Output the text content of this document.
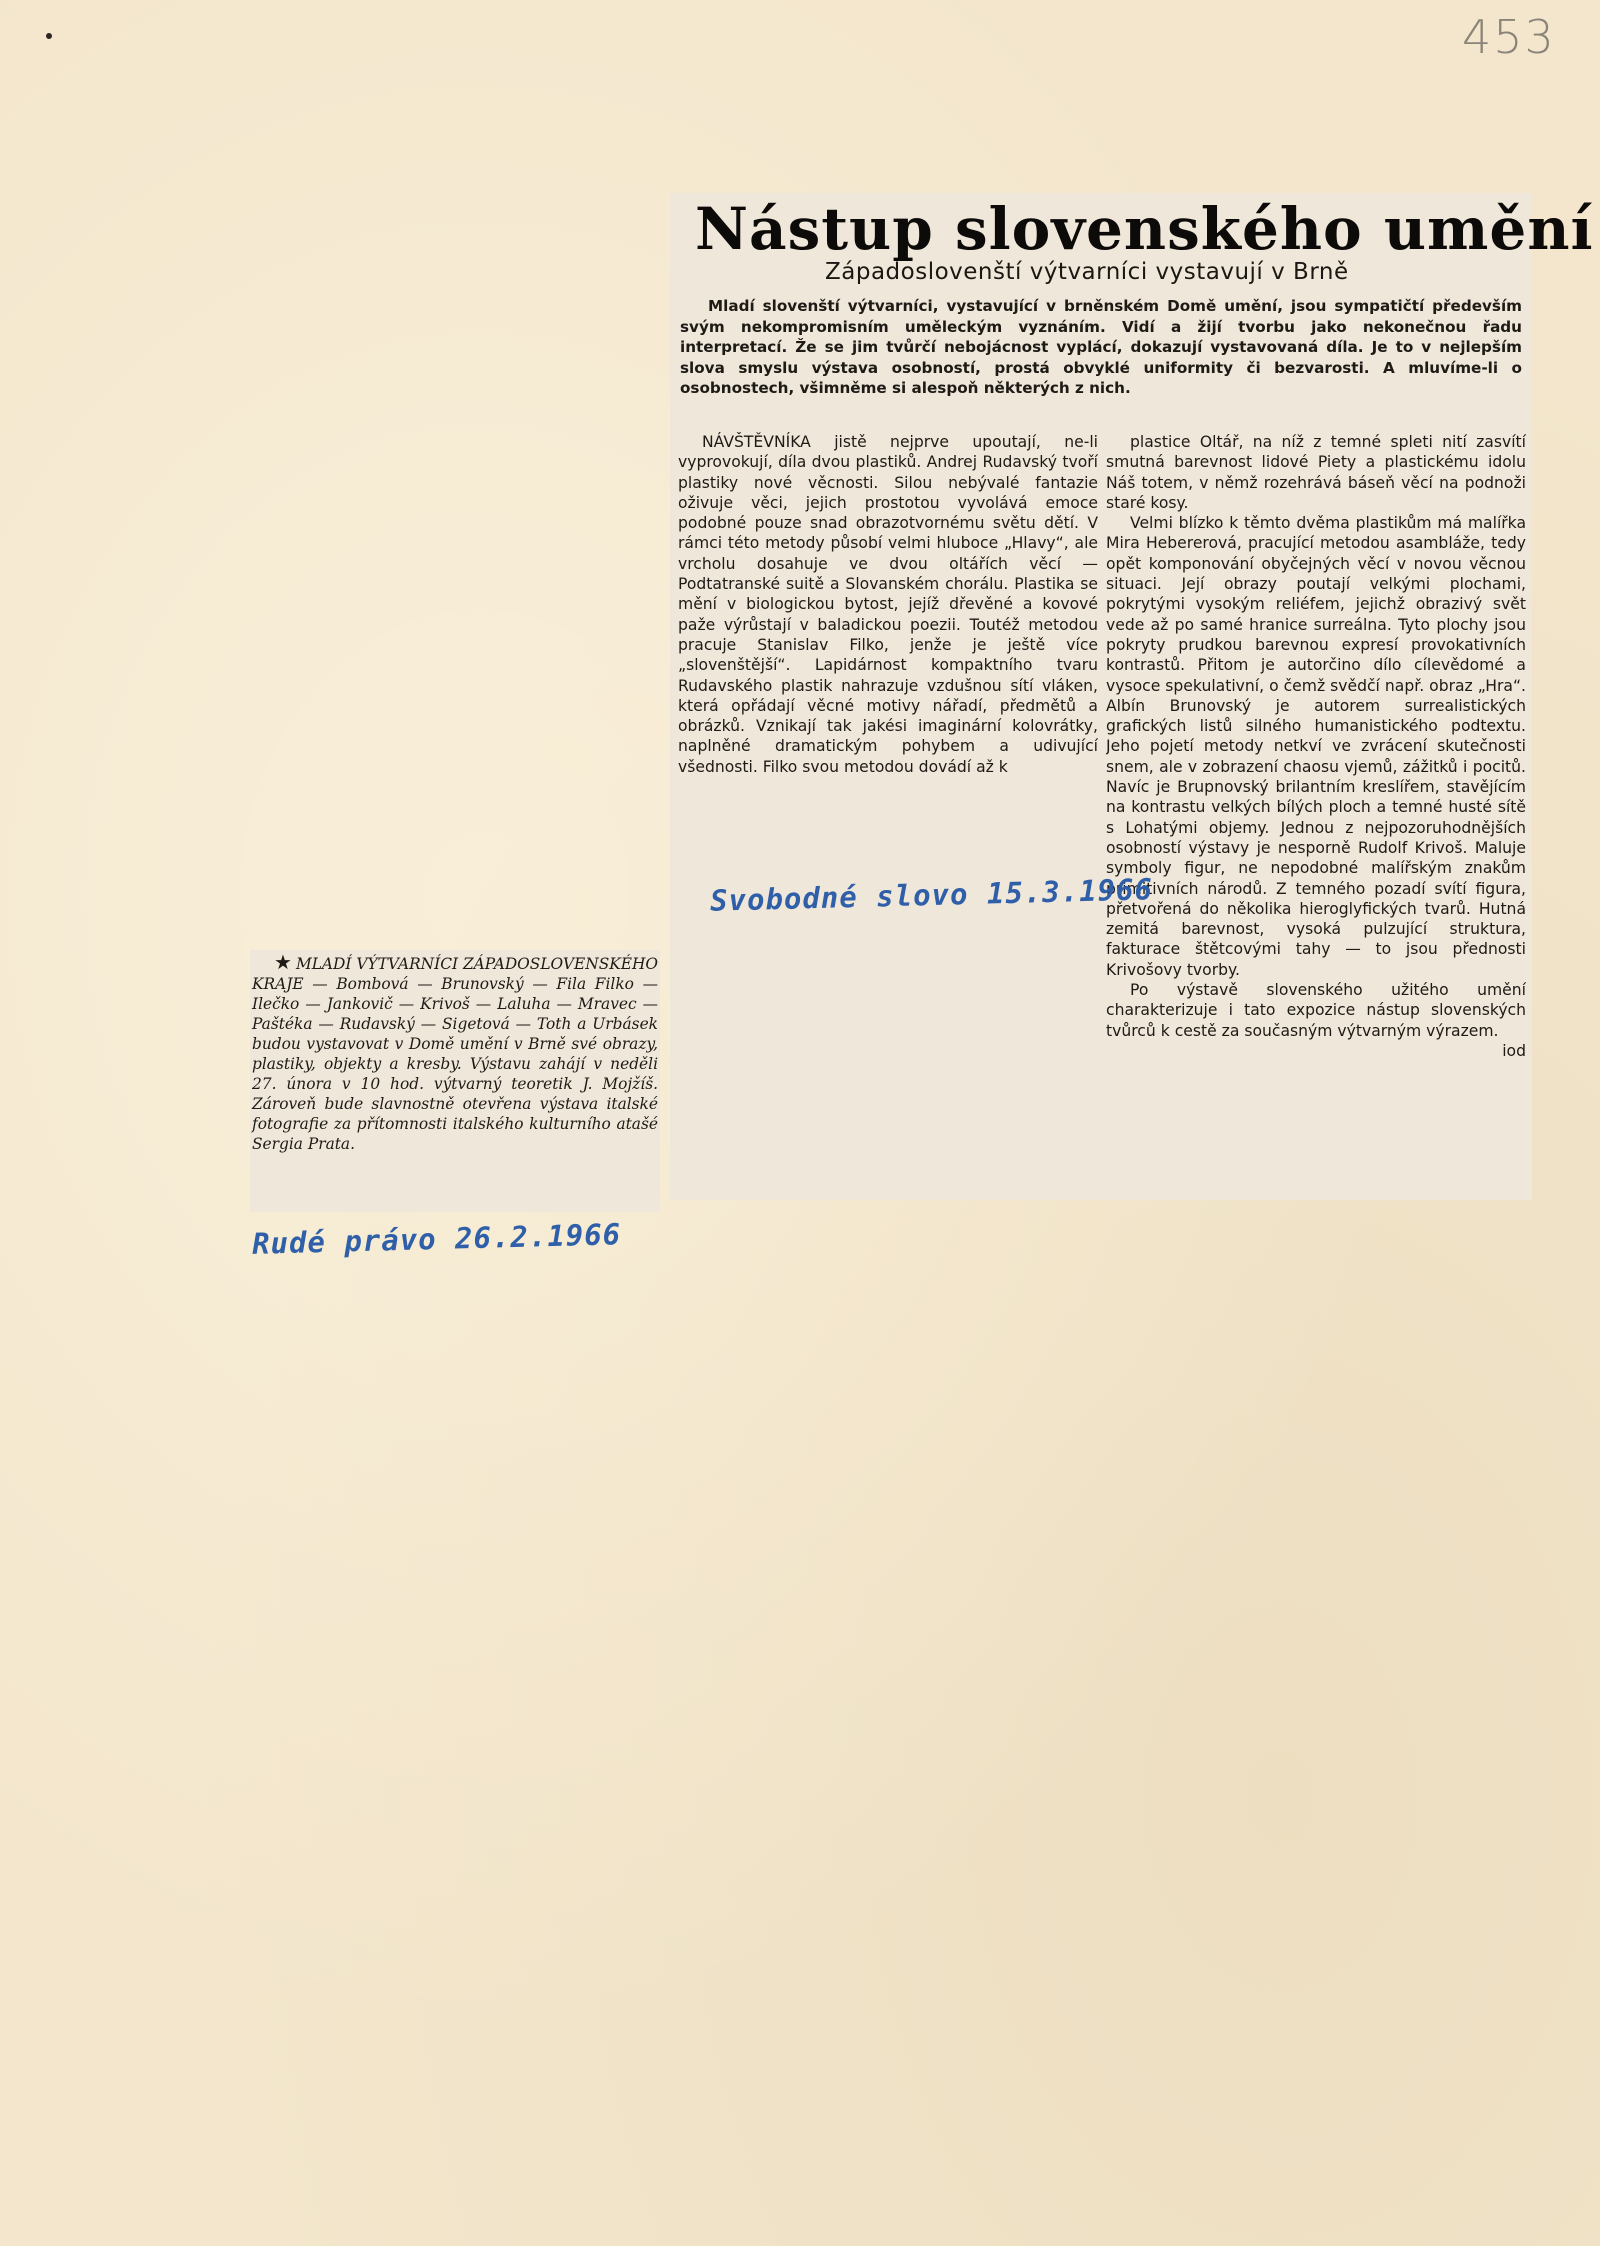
453
Nástup slovenského umění
Západoslovenští výtvarníci vystavují v Brně

Mladí slovenští výtvarníci, vystavující v brněnském Domě umění, jsou sympatičtí především svým nekompromisním uměleckým vyznáním. Vidí a žijí tvorbu jako nekonečnou řadu interpretací. Že se jim tvůrčí nebojácnost vyplácí, dokazují vystavovaná díla. Je to v nejlepším slova smyslu výstava osobností, prostá obvyklé uniformity či bezvarosti. A mluvíme-li o osobnostech, všimněme si alespoň některých z nich.

NÁVŠTĚVNÍKA jistě nejprve upoutají, ne-li vyprovokují, díla dvou plastiků. Andrej Rudavský tvoří plastiky nové věcnosti. Silou nebývalé fantazie oživuje věci, jejich prostotou vyvolává emoce podobné pouze snad obrazotvornému světu dětí. V rámci této metody působí velmi hluboce „Hlavy“, ale vrcholu dosahuje ve dvou oltářích věcí — Podtatranské suitě a Slovanském chorálu. Plastika se mění v biologickou bytost, jejíž dřevěné a kovové paže výrůstají v baladickou poezii. Toutéž metodou pracuje Stanislav Filko, jenže je ještě více „slovenštější“. Lapidárnost kompaktního tvaru Rudavského plastik nahrazuje vzdušnou sítí vláken, která opřádají věcné motivy nářadí, předmětů a obrázků. Vznikají tak jakési imaginární kolovrátky, naplněné dramatickým pohybem a udivující všednosti. Filko svou metodou dovádí až k

plastice Oltář, na níž z temné spleti nití zasvítí smutná barevnost lidové Piety a plastickému idolu Náš totem, v němž rozehrává báseň věcí na podnoži staré kosy.

Velmi blízko k těmto dvěma plastikům má malířka Mira Hebererová, pracující metodou asambláže, tedy opět komponování obyčejných věcí v novou věcnou situaci. Její obrazy poutají velkými plochami, pokrytými vysokým reliéfem, jejichž obrazivý svět vede až po samé hranice surreálna. Tyto plochy jsou pokryty prudkou barevnou expresí provokativních kontrastů. Přitom je autorčino dílo cílevědomé a vysoce spekulativní, o čemž svědčí např. obraz „Hra“. Albín Brunovský je autorem surrealistických grafických listů silného humanistického podtextu. Jeho pojetí metody netkví ve zvrácení skutečnosti snem, ale v zobrazení chaosu vjemů, zážitků i pocitů. Navíc je Brupnovský brilantním kreslířem, stavějícím na kontrastu velkých bílých ploch a temné husté sítě s Lohatými objemy. Jednou z nejpozoruhodnějších osobností výstavy je nesporně Rudolf Krivoš. Maluje symboly figur, ne nepodobné malířským znakům primitivních národů. Z temného pozadí svítí figura, přetvořená do několika hieroglyfických tvarů. Hutná zemitá barevnost, vysoká pulzující struktura, fakturace štětcovými tahy — to jsou přednosti Krivošovy tvorby.

Po výstavě slovenského užitého umění charakterizuje i tato expozice nástup slovenských tvůrců k cestě za současným výtvarným výrazem.
iod

Svobodné slovo 15.3.1966

★ MLADÍ VÝTVARNÍCI ZÁPADOSLOVENSKÉHO KRAJE — Bombová — Brunovský — Fila Filko — Ilečko — Jankovič — Krivoš — Laluha — Mravec — Paštéka — Rudavský — Sigetová — Toth a Urbásek budou vystavovat v Domě umění v Brně své obrazy, plastiky, objekty a kresby. Výstavu zahájí v neděli 27. února v 10 hod. výtvarný teoretik J. Mojžíš. Zároveň bude slavnostně otevřena výstava italské fotografie za přítomnosti italského kulturního atašé Sergia Prata.

Rudé právo 26.2.1966
